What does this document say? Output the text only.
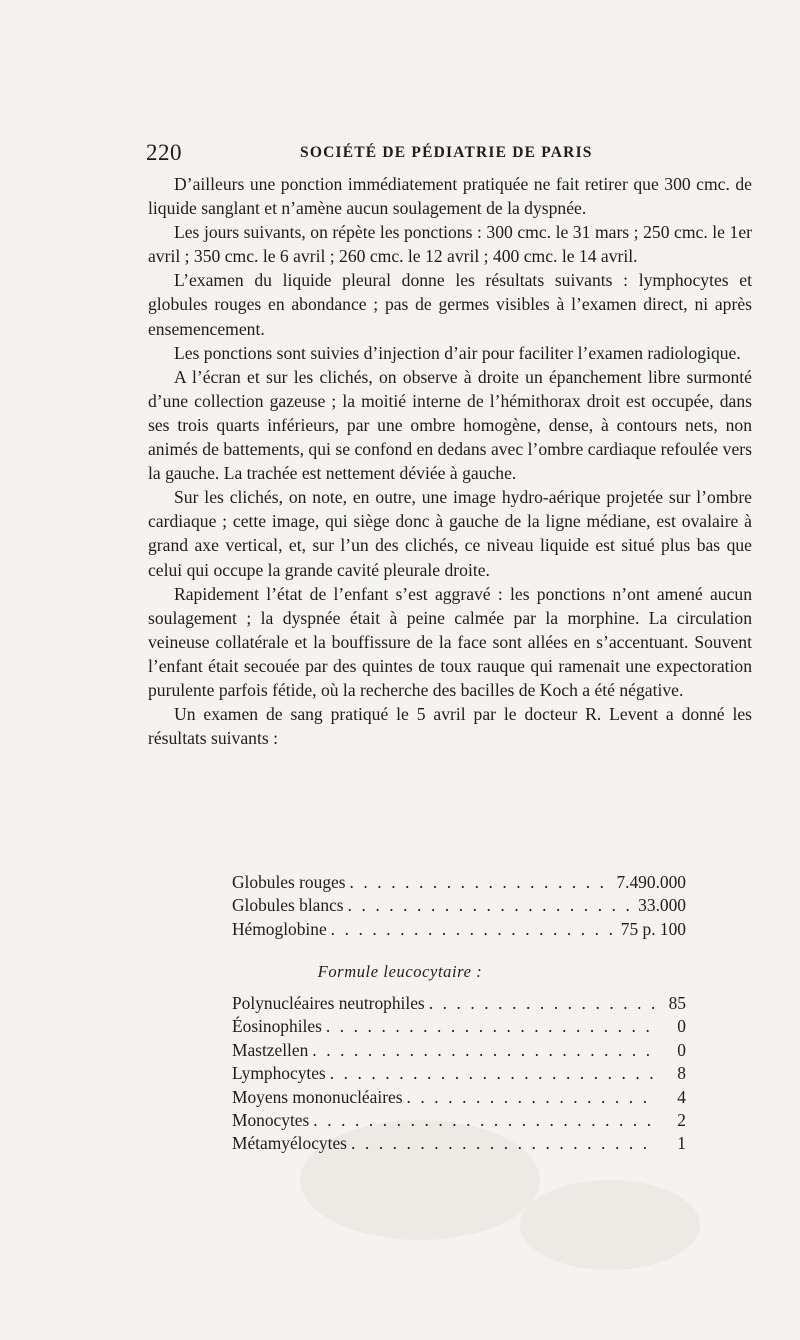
220	SOCIÉTÉ DE PÉDIATRIE DE PARIS

D’ailleurs une ponction immédiatement pratiquée ne fait retirer que 300 cmc. de liquide sanglant et n’amène aucun soulagement de la dyspnée.

Les jours suivants, on répète les ponctions : 300 cmc. le 31 mars ; 250 cmc. le 1er avril ; 350 cmc. le 6 avril ; 260 cmc. le 12 avril ; 400 cmc. le 14 avril.

L’examen du liquide pleural donne les résultats suivants : lymphocytes et globules rouges en abondance ; pas de germes visibles à l’examen direct, ni après ensemencement.

Les ponctions sont suivies d’injection d’air pour faciliter l’examen radiologique.

A l’écran et sur les clichés, on observe à droite un épanchement libre surmonté d’une collection gazeuse ; la moitié interne de l’hémithorax droit est occupée, dans ses trois quarts inférieurs, par une ombre homogène, dense, à contours nets, non animés de battements, qui se confond en dedans avec l’ombre cardiaque refoulée vers la gauche. La trachée est nettement déviée à gauche.

Sur les clichés, on note, en outre, une image hydro-aérique projetée sur l’ombre cardiaque ; cette image, qui siège donc à gauche de la ligne médiane, est ovalaire à grand axe vertical, et, sur l’un des clichés, ce niveau liquide est situé plus bas que celui qui occupe la grande cavité pleurale droite.

Rapidement l’état de l’enfant s’est aggravé : les ponctions n’ont amené aucun soulagement ; la dyspnée était à peine calmée par la morphine. La circulation veineuse collatérale et la bouffissure de la face sont allées en s’accentuant. Souvent l’enfant était secouée par des quintes de toux rauque qui ramenait une expectoration purulente parfois fétide, où la recherche des bacilles de Koch a été négative.

Un examen de sang pratiqué le 5 avril par le docteur R. Levent a donné les résultats suivants :

Globules rouges . . .	7.490.000
Globules blancs . . .	33.000
Hémoglobine . . .	75 p. 100
Formule leucocytaire :
Polynucléaires neutrophiles . . .	85
Éosinophiles . . .	0
Mastzellen . . .	0
Lymphocytes . . .	8
Moyens mononucléaires . . .	4
Monocytes . . .	2
Métamyélocytes . . .	1
